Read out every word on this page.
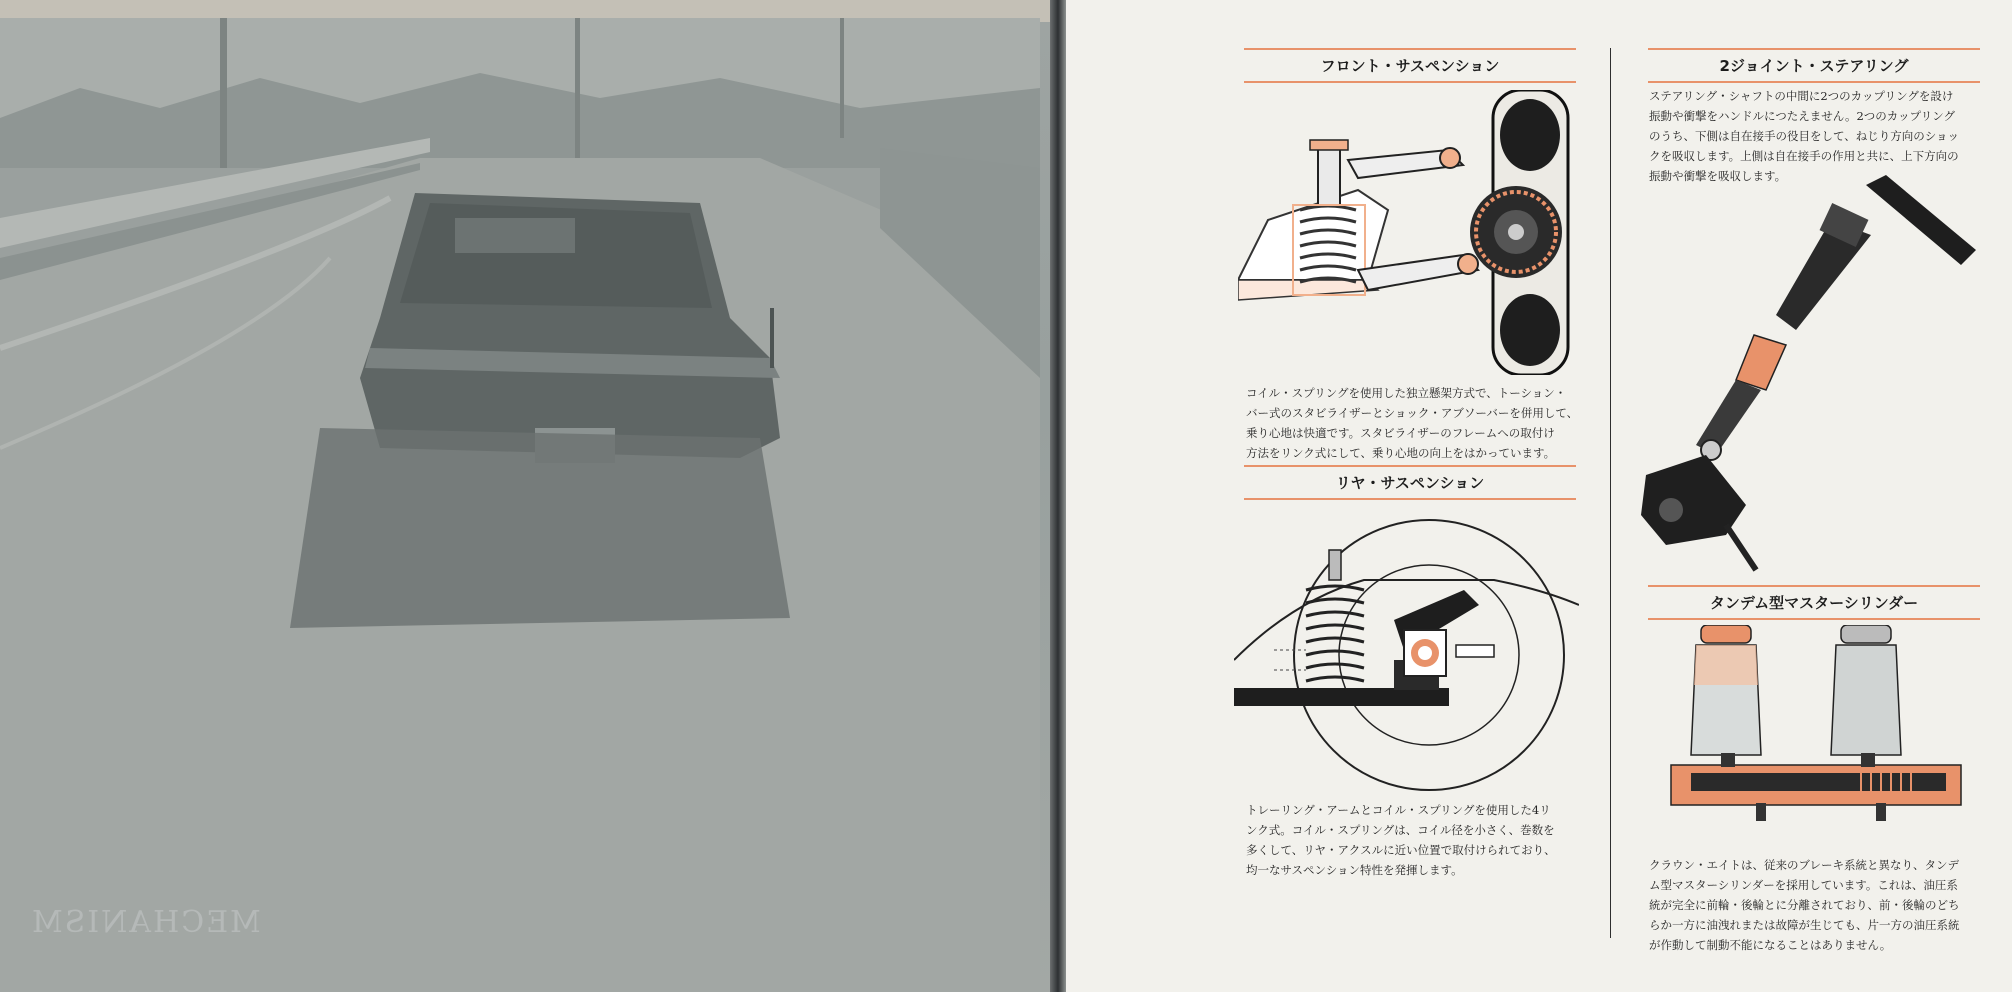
MECHANISM
フロント・サスペンション

コイル・スプリングを使用した独立懸架方式で、トーション・
バー式のスタビライザーとショック・アブソーバーを併用して、
乗り心地は快適です。スタビライザーのフレームへの取付け
方法をリンク式にして、乗り心地の向上をはかっています。

リヤ・サスペンション

トレーリング・アームとコイル・スプリングを使用した4リ
ンク式。コイル・スプリングは、コイル径を小さく、巻数を
多くして、リヤ・アクスルに近い位置で取付けられており、
均一なサスペンション特性を発揮します。

2ジョイント・ステアリング

ステアリング・シャフトの中間に2つのカップリングを設け
振動や衝撃をハンドルにつたえません。2つのカップリング
のうち、下側は自在接手の役目をして、ねじり方向のショッ
クを吸収します。上側は自在接手の作用と共に、上下方向の
振動や衝撃を吸収します。

タンデム型マスターシリンダー

クラウン・エイトは、従来のブレーキ系統と異なり、タンデ
ム型マスターシリンダーを採用しています。これは、油圧系
統が完全に前輪・後輪とに分離されており、前・後輪のどち
らか一方に油洩れまたは故障が生じても、片一方の油圧系統
が作動して制動不能になることはありません。
